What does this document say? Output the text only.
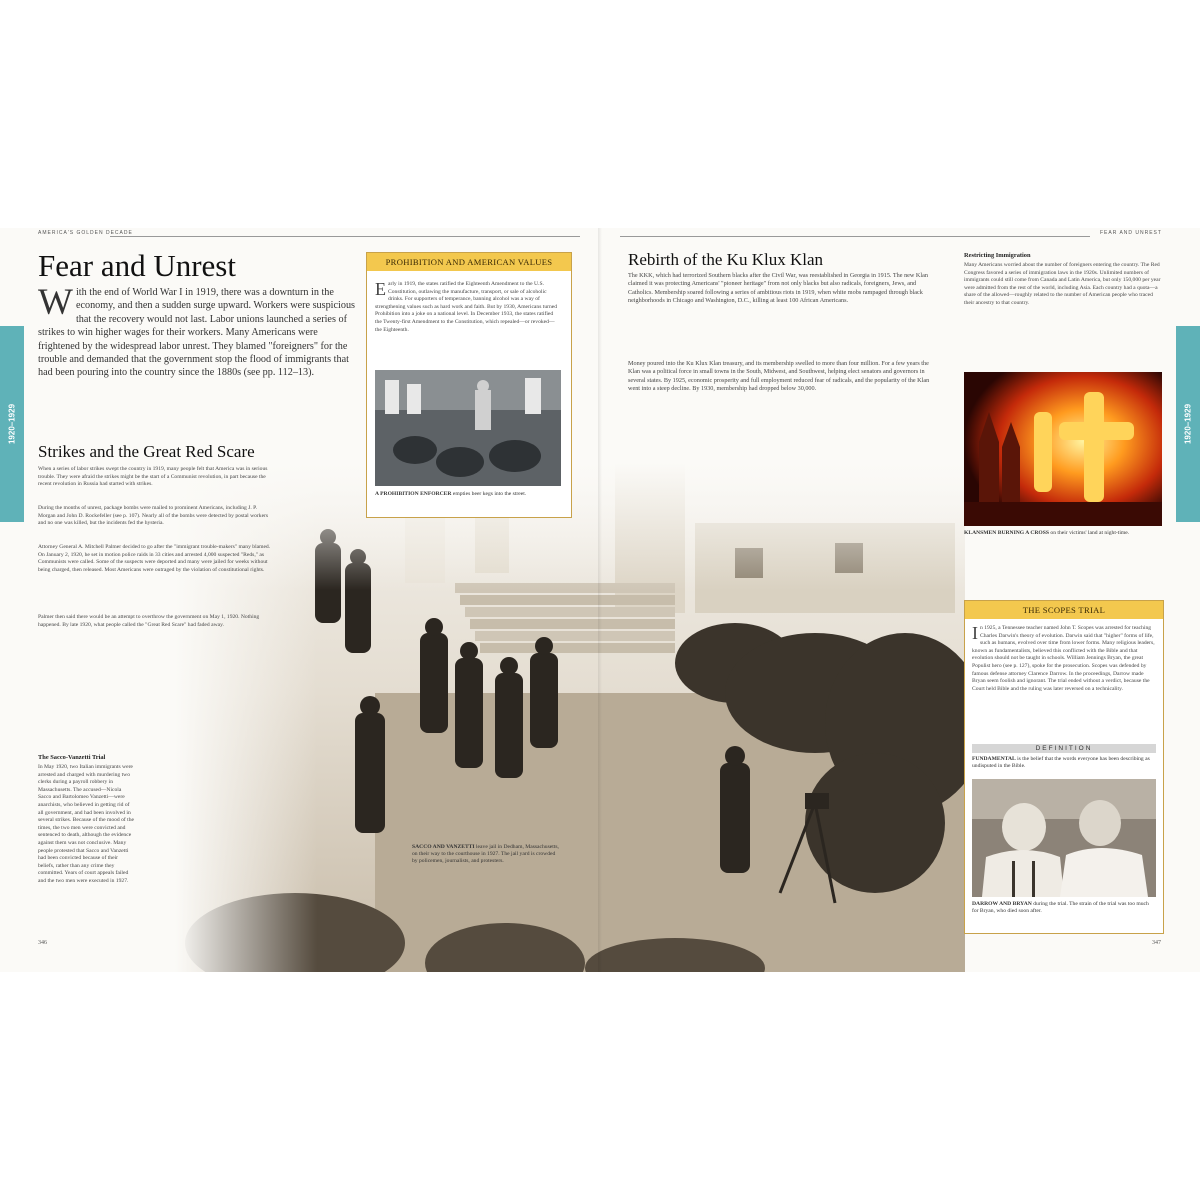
AMERICA'S GOLDEN DECADE	FEAR AND UNREST
1920–1929	1920–1929
Fear and Unrest

With the end of World War I in 1919, there was a downturn in the economy, and then a sudden surge upward. Workers were suspicious that the recovery would not last. Labor unions launched a series of strikes to win higher wages for their workers. Many Americans were frightened by the widespread labor unrest. They blamed "foreigners" for the trouble and demanded that the government stop the flood of immigrants that had been pouring into the country since the 1880s (see pp. 112–13).

Strikes and the Great Red Scare

When a series of labor strikes swept the country in 1919, many people felt that America was in serious trouble. They were afraid the strikes might be the start of a Communist revolution, in part because the recent revolution in Russia had started with strikes.

During the months of unrest, package bombs were mailed to prominent Americans, including J. P. Morgan and John D. Rockefeller (see p. 107). Nearly all of the bombs were detected by postal workers and no one was killed, but the incidents fed the hysteria.

Attorney General A. Mitchell Palmer decided to go after the "immigrant trouble-makers" many blamed. On January 2, 1920, he set in motion police raids in 33 cities and arrested 4,000 suspected "Reds," as Communists were called. Some of the suspects were deported and many were jailed for weeks without being charged, then released. Most Americans were outraged by the violation of constitutional rights.

Palmer then said there would be an attempt to overthrow the government on May 1, 1920. Nothing happened. By late 1920, what people called the "Great Red Scare" had faded away.

The Sacco-Vanzetti Trial

In May 1920, two Italian immigrants were arrested and charged with murdering two clerks during a payroll robbery in Massachusetts. The accused—Nicola Sacco and Bartolomeo Vanzetti—were anarchists, who believed in getting rid of all government, and had been involved in several strikes. Because of the mood of the times, the two men were convicted and sentenced to death, although the evidence against them was not conclusive. Many people protested that Sacco and Vanzetti had been convicted because of their beliefs, rather than any crime they committed. Years of court appeals failed and the two men were executed in 1927.

346
PROHIBITION AND AMERICAN VALUES

Early in 1919, the states ratified the Eighteenth Amendment to the U.S. Constitution, outlawing the manufacture, transport, or sale of alcoholic drinks. For supporters of temperance, banning alcohol was a way of strengthening values such as hard work and faith. But by 1930, Americans turned Prohibition into a joke on a national level. In December 1933, the states ratified the Twenty-first Amendment to the Constitution, which repealed—or revoked—the Eighteenth.

A PROHIBITION ENFORCER empties beer kegs into the street.

SACCO AND VANZETTI leave jail in Dedham, Massachusetts, on their way to the courthouse in 1927. The jail yard is crowded by policemen, journalists, and protesters.

Rebirth of the Ku Klux Klan

The KKK, which had terrorized Southern blacks after the Civil War, was reestablished in Georgia in 1915. The new Klan claimed it was protecting Americans' "pioneer heritage" from not only blacks but also radicals, foreigners, Jews, and Catholics. Membership soared following a series of ambitious riots in 1919, when white mobs rampaged through black neighborhoods in Chicago and Washington, D.C., killing at least 100 African Americans.

Money poured into the Ku Klux Klan treasury, and its membership swelled to more than four million. For a few years the Klan was a political force in small towns in the South, Midwest, and Southwest, helping elect senators and governors in several states. By 1925, economic prosperity and full employment reduced fear of radicals, and the popularity of the Klan went into a steep decline. By 1930, membership had dropped below 30,000.

Restricting Immigration

Many Americans worried about the number of foreigners entering the country. The Red Congress favored a series of immigration laws in the 1920s. Unlimited numbers of immigrants could still come from Canada and Latin America, but only 150,000 per year were admitted from the rest of the world, including Asia. Each country had a quota—a share of the allowed—roughly related to the number of American people who traced their ancestry to that country.

KLANSMEN BURNING A CROSS on their victims' land at night-time.

THE SCOPES TRIAL

In 1925, a Tennessee teacher named John T. Scopes was arrested for teaching Charles Darwin's theory of evolution. Darwin said that "higher" forms of life, such as humans, evolved over time from lower forms. Many religious leaders, known as fundamentalists, believed this conflicted with the Bible and that evolution should not be taught in schools. William Jennings Bryan, the great Populist hero (see p. 127), spoke for the prosecution. Scopes was defended by famous defense attorney Clarence Darrow. In the proceedings, Darrow made Bryan seem foolish and ignorant. The trial ended without a verdict, because the Court held Bible and the ruling was later reversed on a technicality.

DEFINITION

FUNDAMENTAL is the belief that the words everyone has been describing as undisputed in the Bible.

DARROW AND BRYAN during the trial. The strain of the trial was too much for Bryan, who died soon after.

347
